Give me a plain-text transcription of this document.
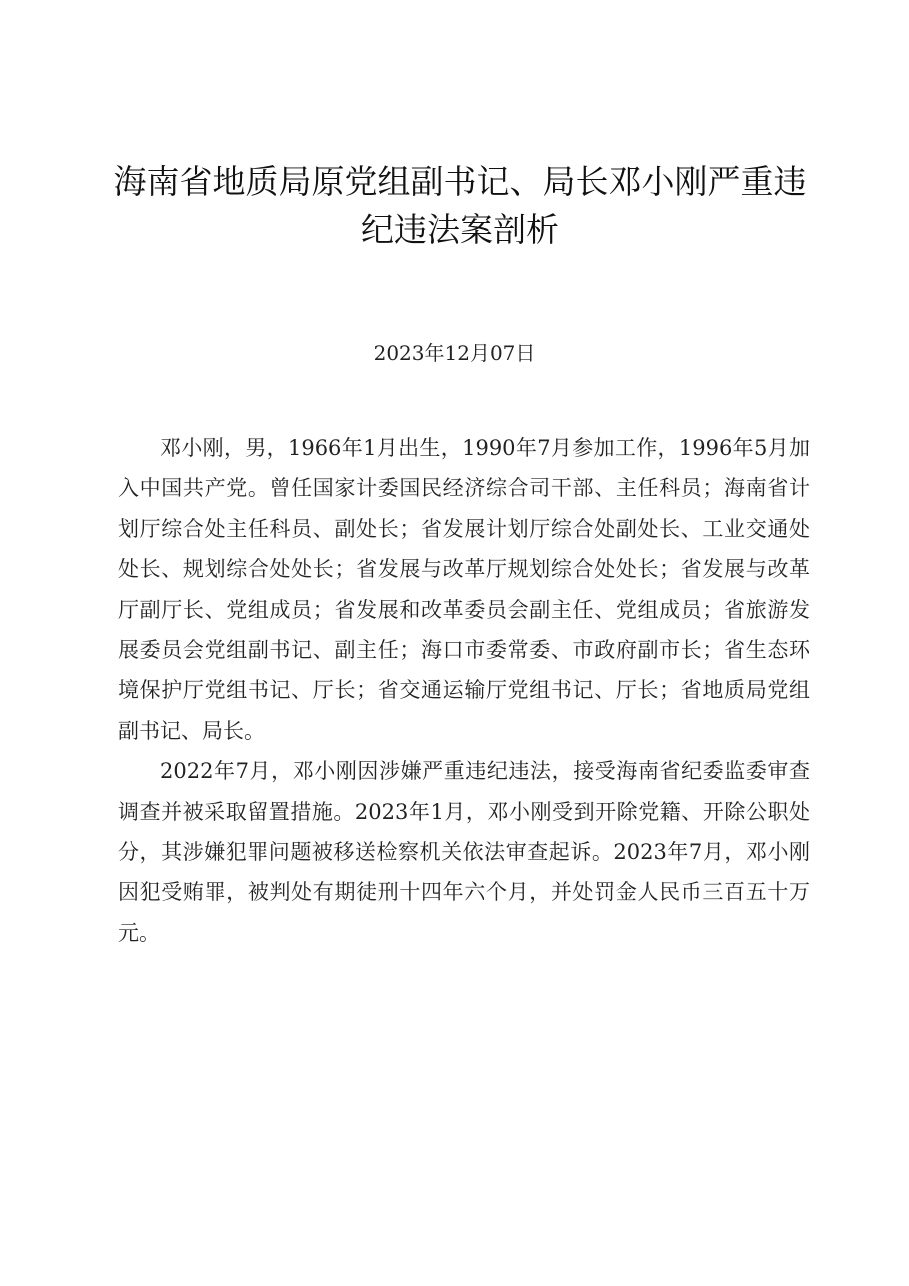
海南省地质局原党组副书记、局长邓小刚严重违纪违法案剖析
2023年12月07日

邓小刚，男，1966年1月出生，1990年7月参加工作，1996年5月加入中国共产党。曾任国家计委国民经济综合司干部、主任科员；海南省计划厅综合处主任科员、副处长；省发展计划厅综合处副处长、工业交通处处长、规划综合处处长；省发展与改革厅规划综合处处长；省发展与改革厅副厅长、党组成员；省发展和改革委员会副主任、党组成员；省旅游发展委员会党组副书记、副主任；海口市委常委、市政府副市长；省生态环境保护厅党组书记、厅长；省交通运输厅党组书记、厅长；省地质局党组副书记、局长。

2022年7月，邓小刚因涉嫌严重违纪违法，接受海南省纪委监委审查调查并被采取留置措施。2023年1月，邓小刚受到开除党籍、开除公职处分，其涉嫌犯罪问题被移送检察机关依法审查起诉。2023年7月，邓小刚因犯受贿罪，被判处有期徒刑十四年六个月，并处罚金人民币三百五十万元。
